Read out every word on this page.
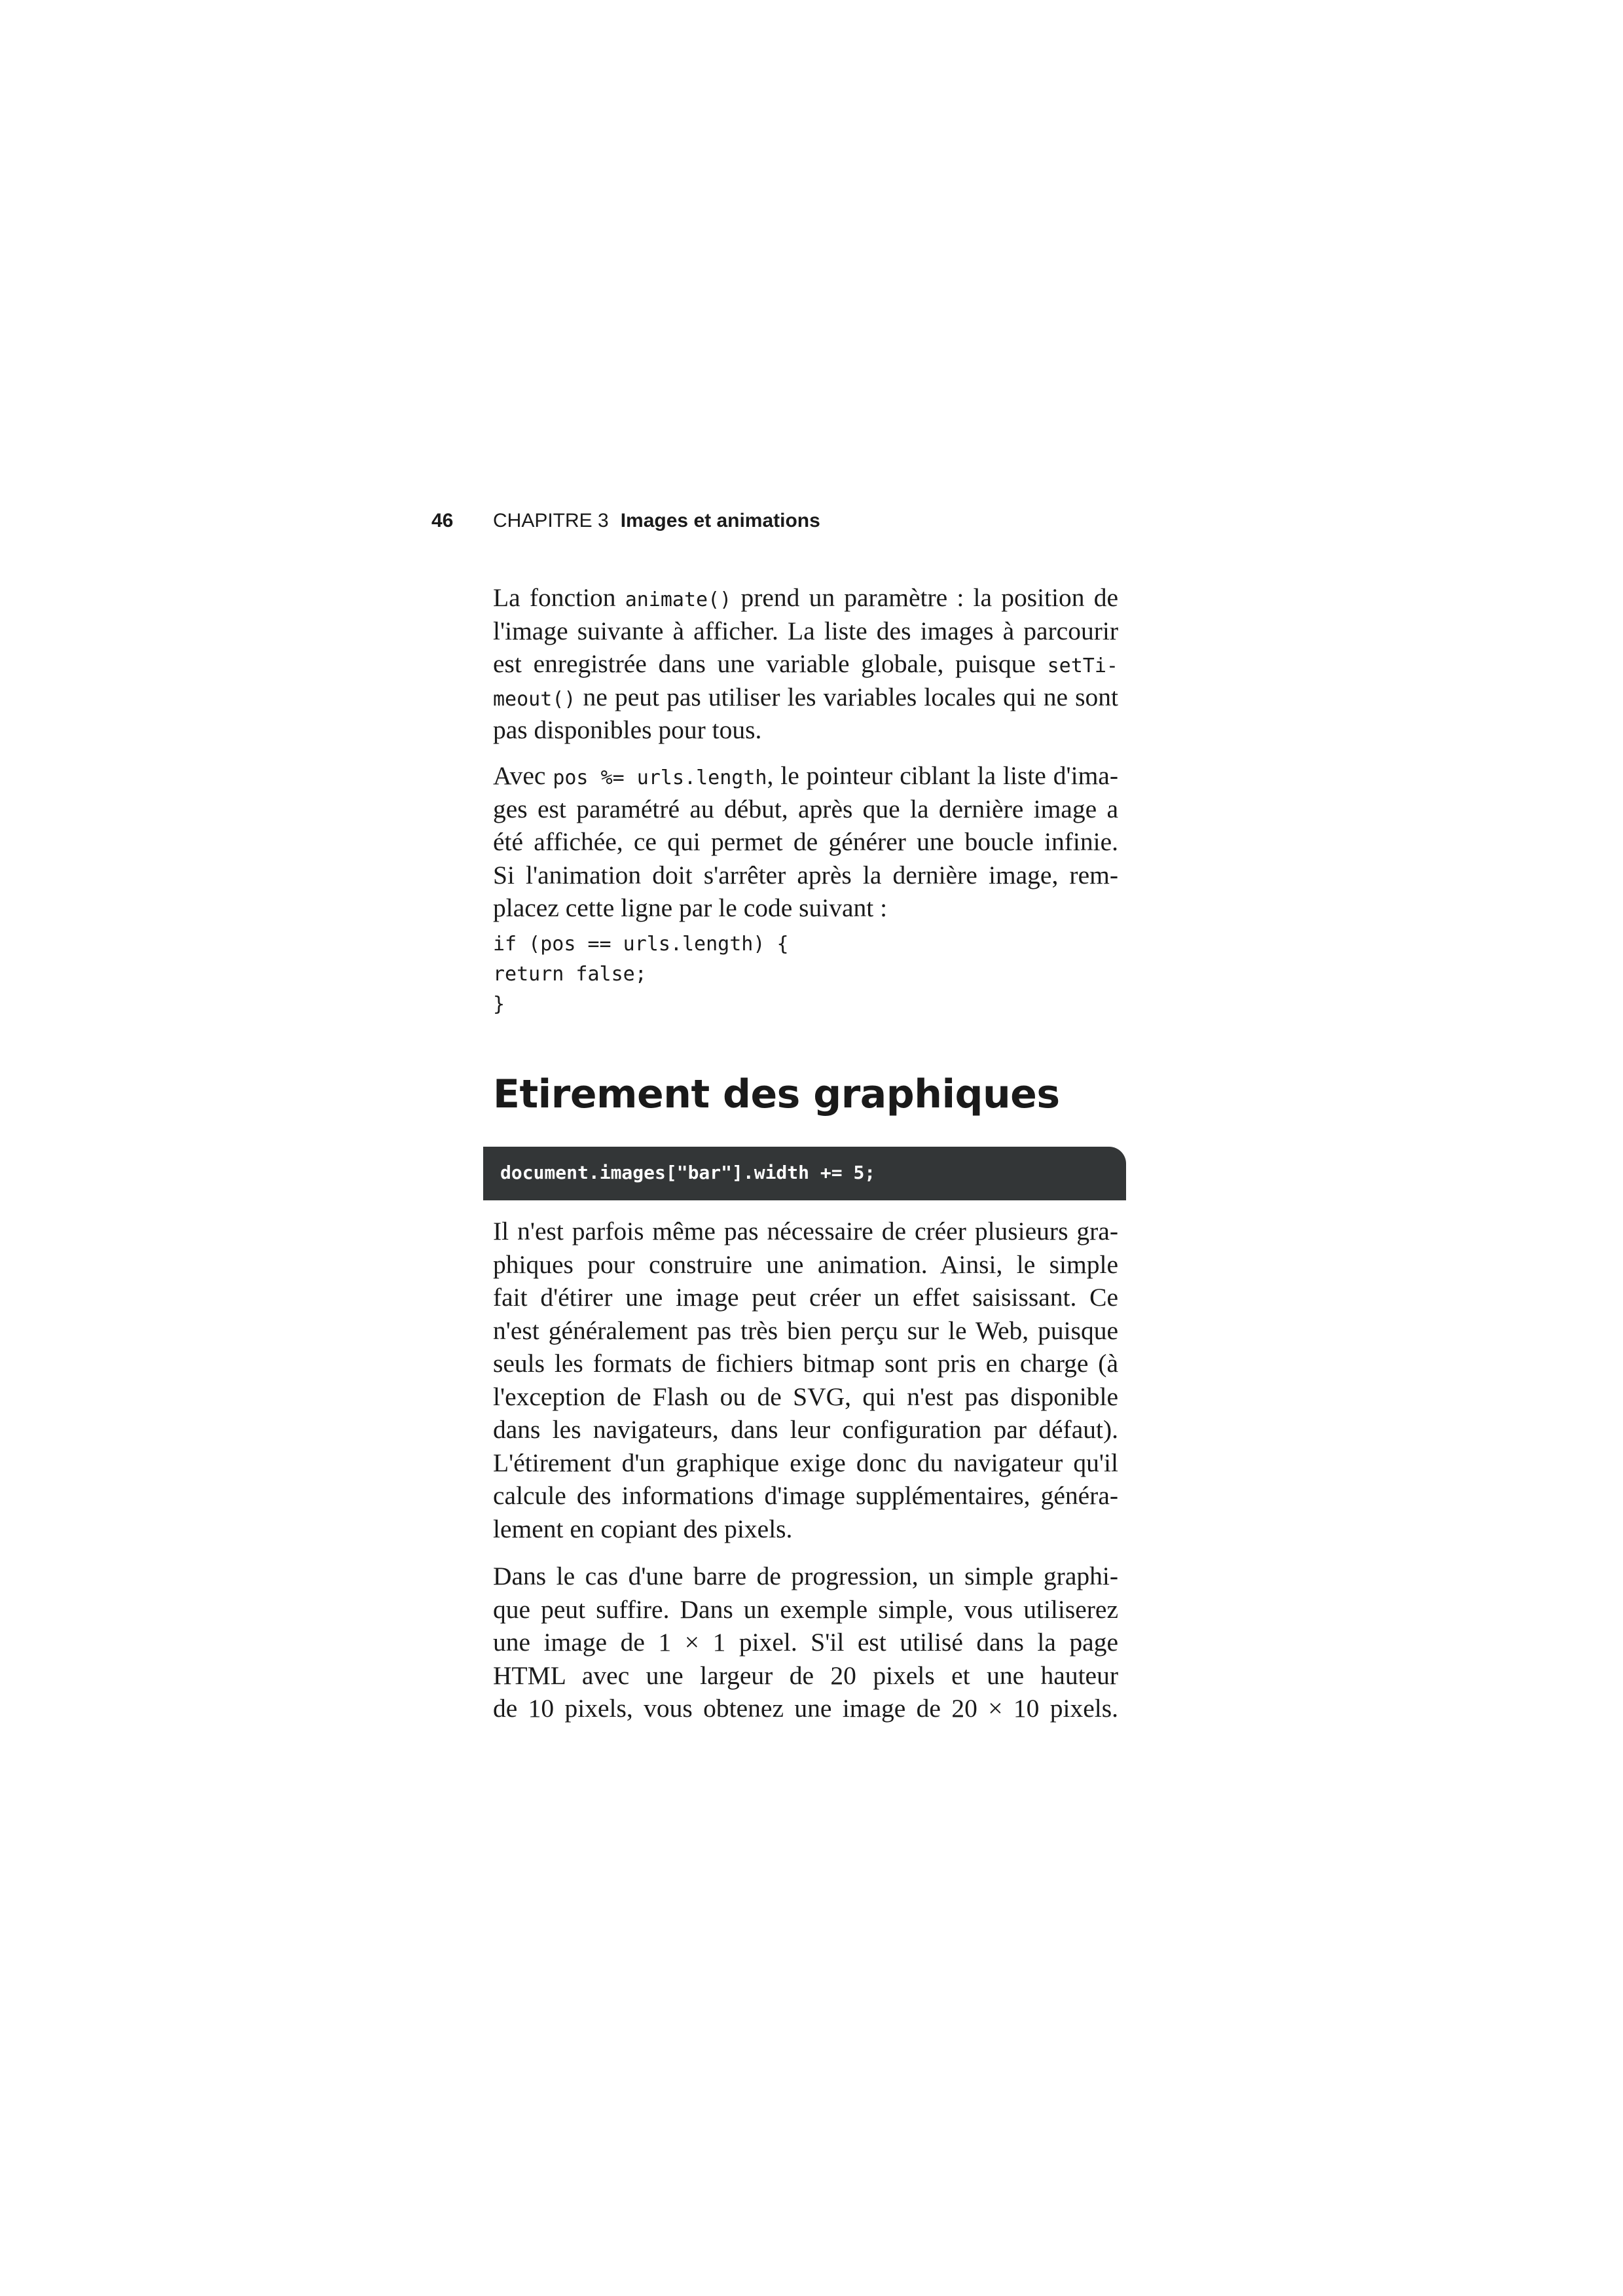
46 CHAPITRE 3 Images et animations

La fonction animate() prend un paramètre : la position de
l'image suivante à afficher. La liste des images à parcourir
est enregistrée dans une variable globale, puisque setTi-
meout() ne peut pas utiliser les variables locales qui ne sont
pas disponibles pour tous.

Avec pos %= urls.length, le pointeur ciblant la liste d'ima-
ges est paramétré au début, après que la dernière image a
été affichée, ce qui permet de générer une boucle infinie.
Si l'animation doit s'arrêter après la dernière image, rem-
placez cette ligne par le code suivant :

if (pos == urls.length) {
return false;
}
Etirement des graphiques
document.images["bar"].width += 5;

Il n'est parfois même pas nécessaire de créer plusieurs gra-
phiques pour construire une animation. Ainsi, le simple
fait d'étirer une image peut créer un effet saisissant. Ce
n'est généralement pas très bien perçu sur le Web, puisque
seuls les formats de fichiers bitmap sont pris en charge (à
l'exception de Flash ou de SVG, qui n'est pas disponible
dans les navigateurs, dans leur configuration par défaut).
L'étirement d'un graphique exige donc du navigateur qu'il
calcule des informations d'image supplémentaires, généra-
lement en copiant des pixels.

Dans le cas d'une barre de progression, un simple graphi-
que peut suffire. Dans un exemple simple, vous utiliserez
une image de 1 × 1 pixel. S'il est utilisé dans la page
HTML avec une largeur de 20 pixels et une hauteur
de 10 pixels, vous obtenez une image de 20 × 10 pixels.
